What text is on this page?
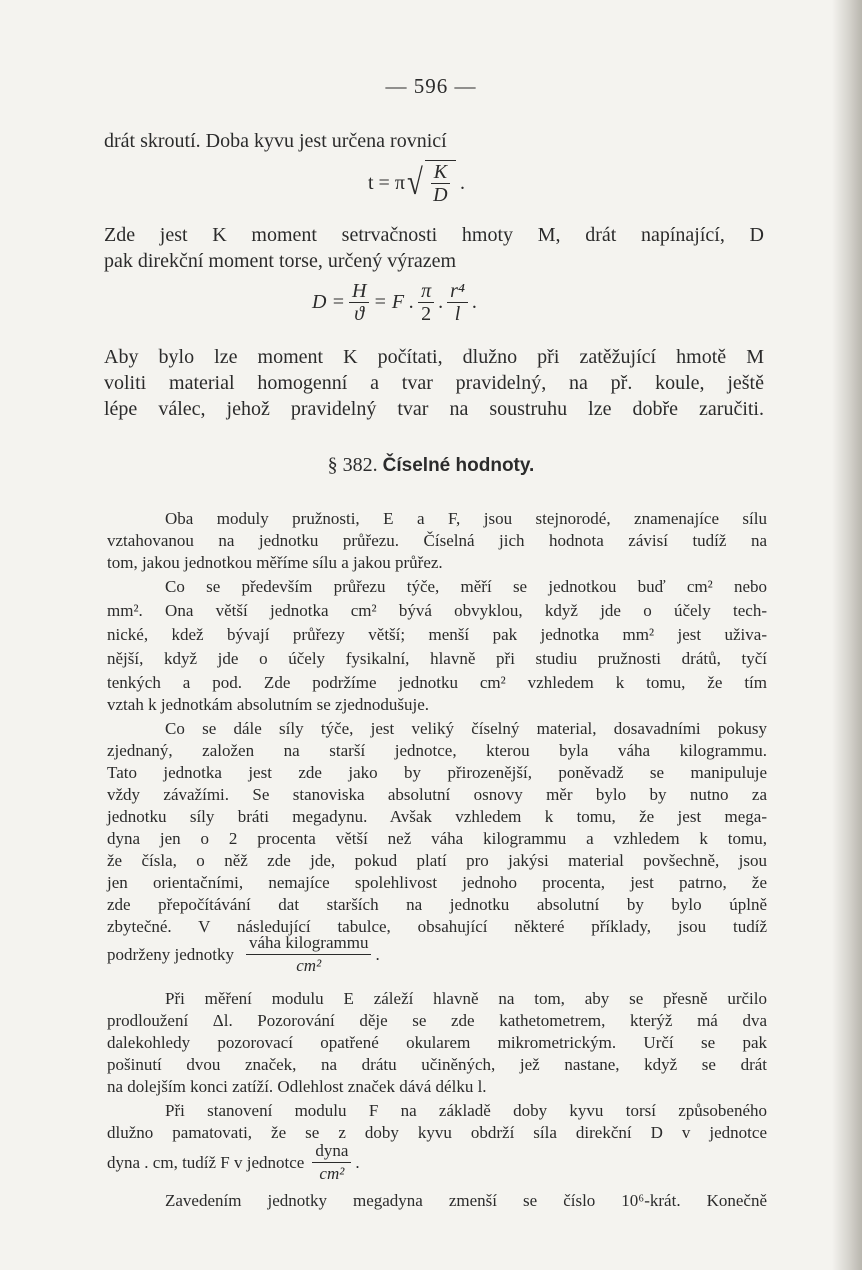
— 596 —
drát skroutí. Doba kyvu jest určena rovnicí
t = π √ $\frac{K}{D}$ .
Zde jest K moment setrvačnosti hmoty M, drát napínající, D
pak direkční moment torse, určený výrazem
$D = \frac{H}{ϑ} = F$ . $\frac{\pi}{2}$ . $\frac{\text{r⁴}}{l}$ .
Aby bylo lze moment K počítati, dlužno při zatěžující hmotě M
voliti material homogenní a tvar pravidelný, na př. koule, ještě
lépe válec, jehož pravidelný tvar na soustruhu lze dobře zaručiti.
§ 382. Číselné hodnoty.
Oba moduly pružnosti, E a F, jsou stejnorodé, znamenajíce sílu
vztahovanou na jednotku průřezu. Číselná jich hodnota závisí tudíž na
tom, jakou jednotkou měříme sílu a jakou průřez.
Co se především průřezu týče, měří se jednotkou buď cm² nebo
mm². Ona větší jednotka cm² bývá obvyklou, když jde o účely tech-
nické, kdež bývají průřezy větší; menší pak jednotka mm² jest uživa-
nější, když jde o účely fysikalní, hlavně při studiu pružnosti drátů, tyčí
tenkých a pod. Zde podržíme jednotku cm² vzhledem k tomu, že tím
vztah k jednotkám absolutním se zjednodušuje.
Co se dále síly týče, jest veliký číselný material, dosavadními pokusy
zjednaný, založen na starší jednotce, kterou byla váha kilogrammu.
Tato jednotka jest zde jako by přirozenější, poněvadž se manipuluje
vždy závažími. Se stanoviska absolutní osnovy měr bylo by nutno za
jednotku síly bráti megadynu. Avšak vzhledem k tomu, že jest mega-
dyna jen o 2 procenta větší než váha kilogrammu a vzhledem k tomu,
že čísla, o něž zde jde, pokud platí pro jakýsi material povšechně, jsou
jen orientačními, nemajíce spolehlivost jednoho procenta, jest patrno, že
zde přepočítávání dat starších na jednotku absolutní by bylo úplně
zbytečné. V následující tabulce, obsahující některé příklady, jsou tudíž
podrženy jednotky $\frac{\text{váha kilogrammu}}{\text{cm²}}$ .
Při měření modulu E záleží hlavně na tom, aby se přesně určilo
prodloužení Δl. Pozorování děje se zde kathetometrem, kterýž má dva
dalekohledy pozorovací opatřené okularem mikrometrickým. Určí se pak
pošinutí dvou značek, na drátu učiněných, jež nastane, když se drát
na dolejším konci zatíží. Odlehlost značek dává délku l.
Při stanovení modulu F na základě doby kyvu torsí způsobeného
dlužno pamatovati, že se z doby kyvu obdrží síla direkční D v jednotce
dyna . cm, tudíž F v jednotce $\frac{\text{dyna}}{\text{cm²}}$ .
Zavedením jednotky megadyna zmenší se číslo 10⁶-krát. Konečně
